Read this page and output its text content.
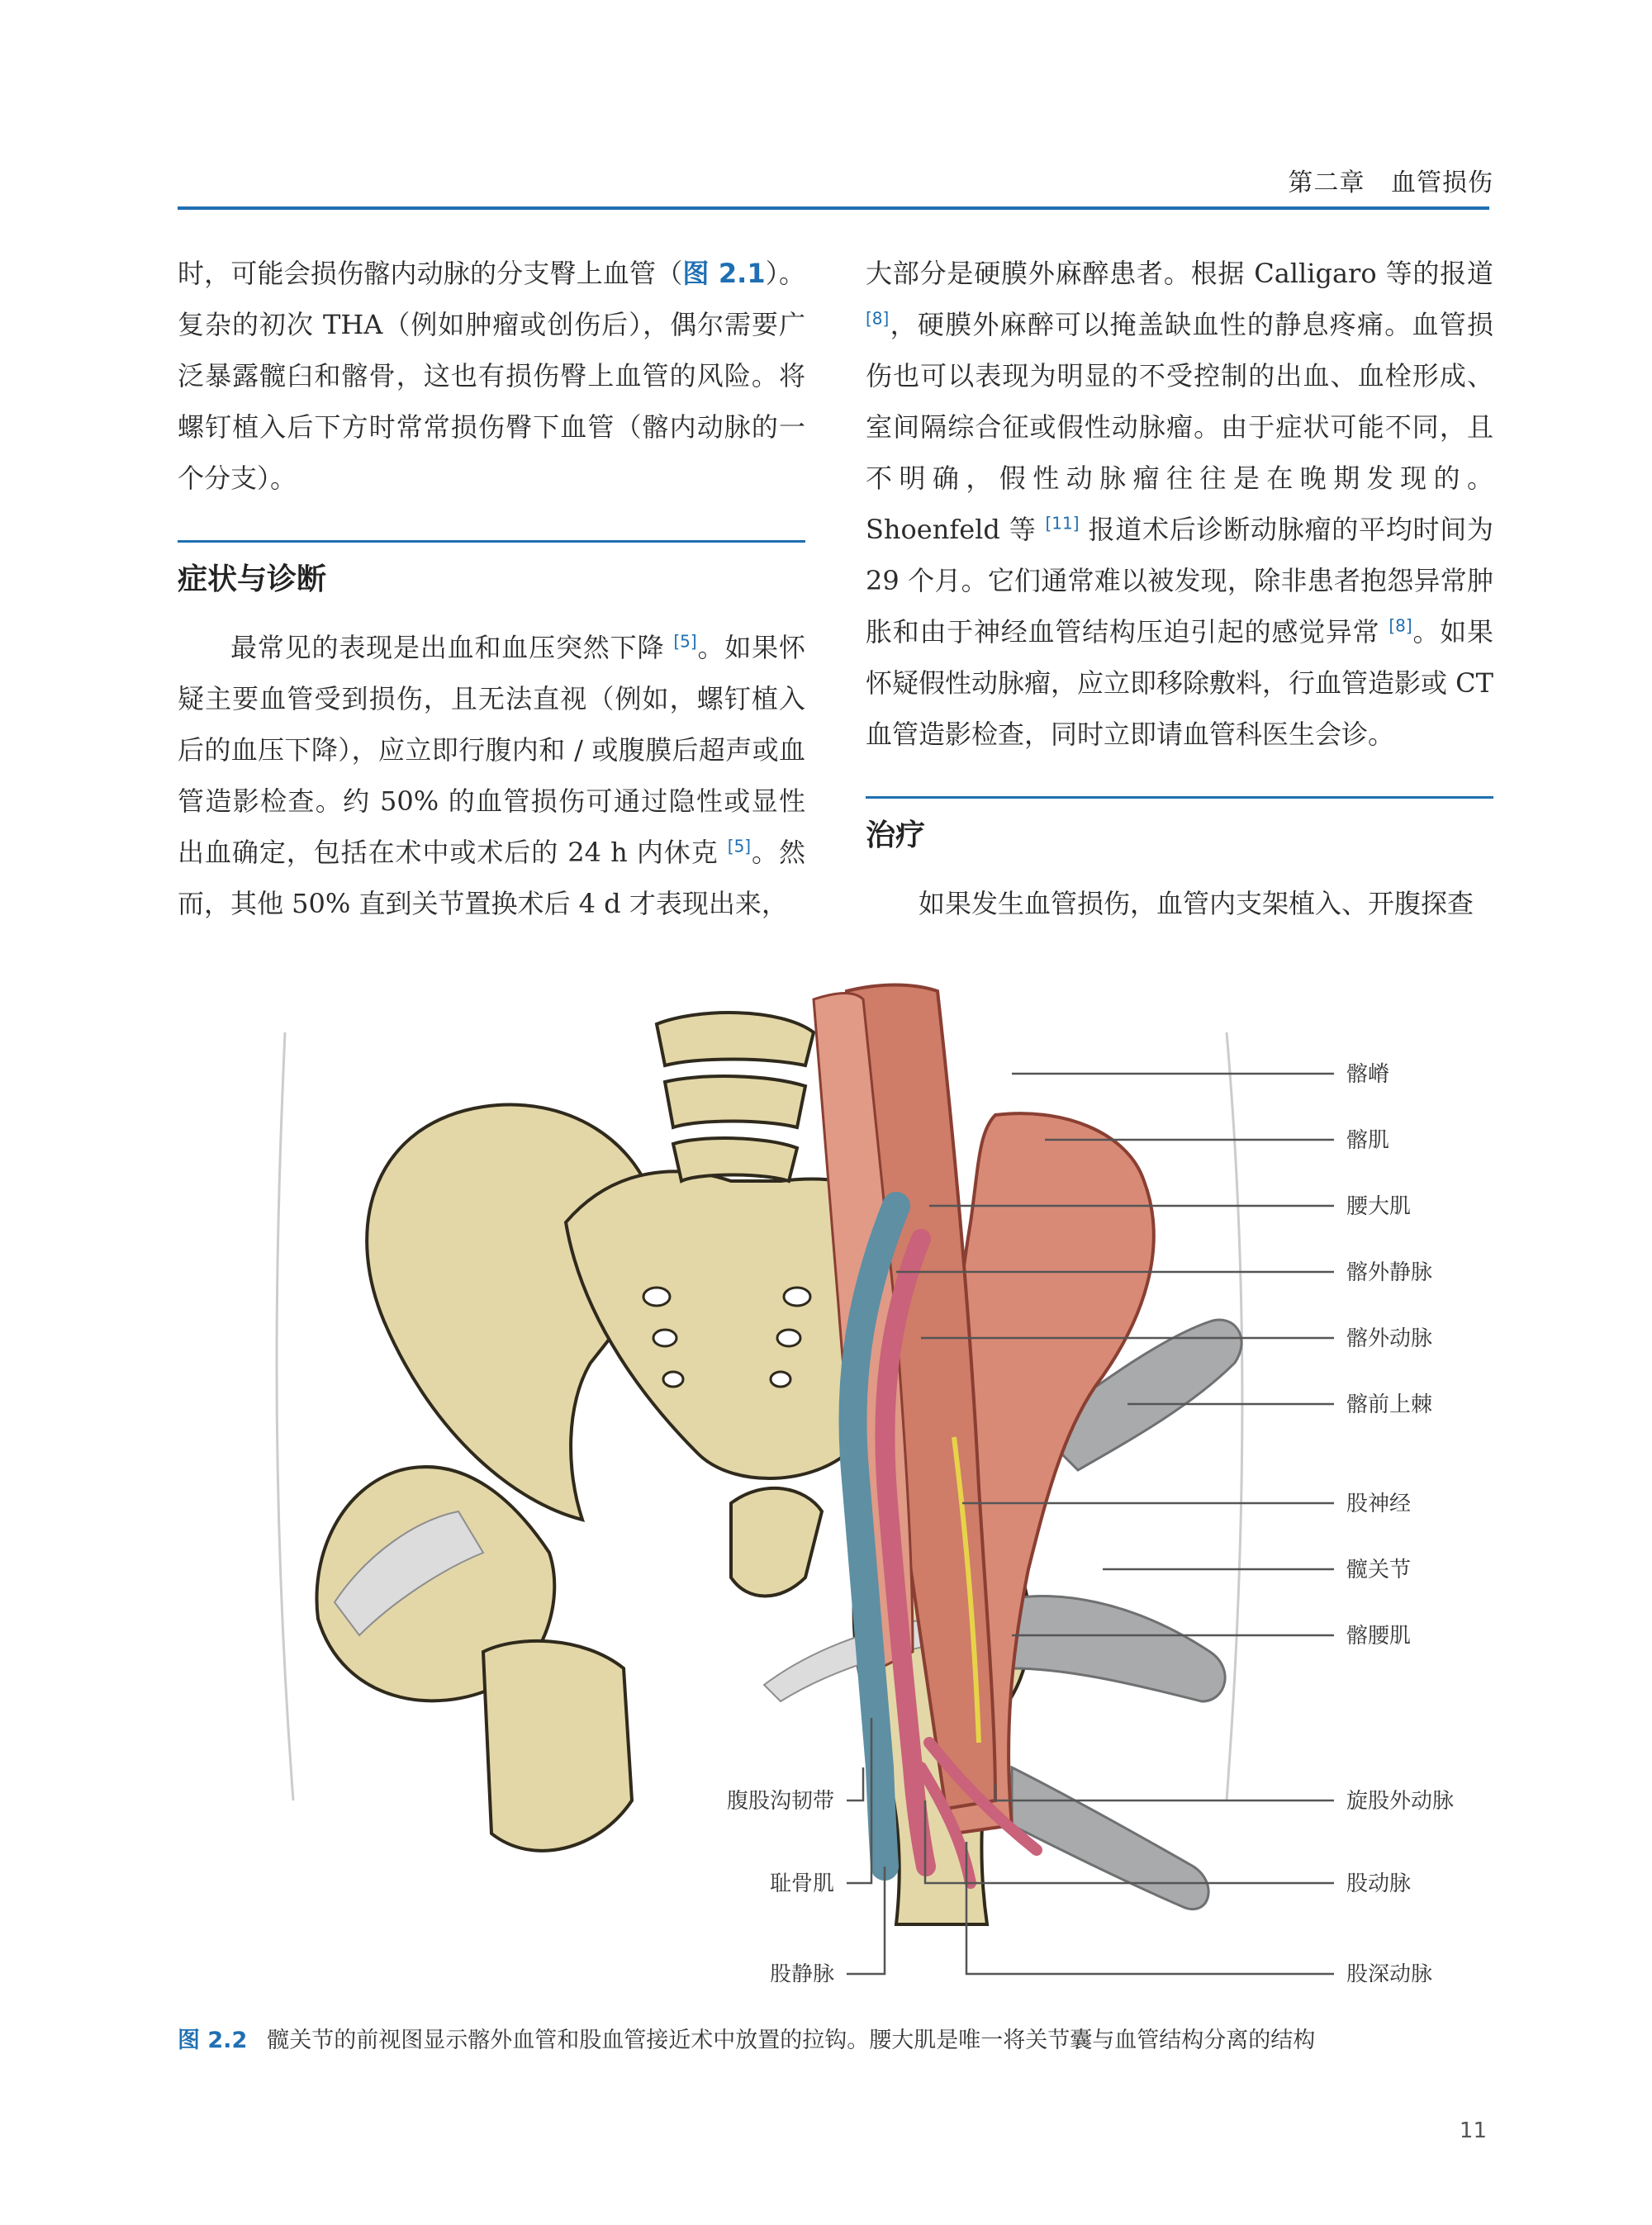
第二章 血管损伤

时，可能会损伤髂内动脉的分支臀上血管（图 2.1）。复杂的初次 THA（例如肿瘤或创伤后），偶尔需要广泛暴露髋臼和髂骨，这也有损伤臀上血管的风险。将螺钉植入后下方时常常损伤臀下血管（髂内动脉的一个分支）。

症状与诊断

最常见的表现是出血和血压突然下降 [5]。如果怀疑主要血管受到损伤，且无法直视（例如，螺钉植入后的血压下降），应立即行腹内和 / 或腹膜后超声或血管造影检查。约 50% 的血管损伤可通过隐性或显性出血确定，包括在术中或术后的 24 h 内休克 [5]。然而，其他 50% 直到关节置换术后 4 d 才表现出来，

大部分是硬膜外麻醉患者。根据 Calligaro 等的报道 [8]，硬膜外麻醉可以掩盖缺血性的静息疼痛。血管损伤也可以表现为明显的不受控制的出血、血栓形成、室间隔综合征或假性动脉瘤。由于症状可能不同，且不明确，假性动脉瘤往往是在晚期发现的。Shoenfeld 等 [11] 报道术后诊断动脉瘤的平均时间为 29 个月。它们通常难以被发现，除非患者抱怨异常肿胀和由于神经血管结构压迫引起的感觉异常 [8]。如果怀疑假性动脉瘤，应立即移除敷料，行血管造影或 CT 血管造影检查，同时立即请血管科医生会诊。

治疗

如果发生血管损伤，血管内支架植入、开腹探查

髂嵴
髂肌
腰大肌
髂外静脉
髂外动脉
髂前上棘
股神经
髋关节
髂腰肌
旋股外动脉
股动脉
股深动脉
腹股沟韧带
耻骨肌
股静脉
图 2.2 髋关节的前视图显示髂外血管和股血管接近术中放置的拉钩。腰大肌是唯一将关节囊与血管结构分离的结构
11
